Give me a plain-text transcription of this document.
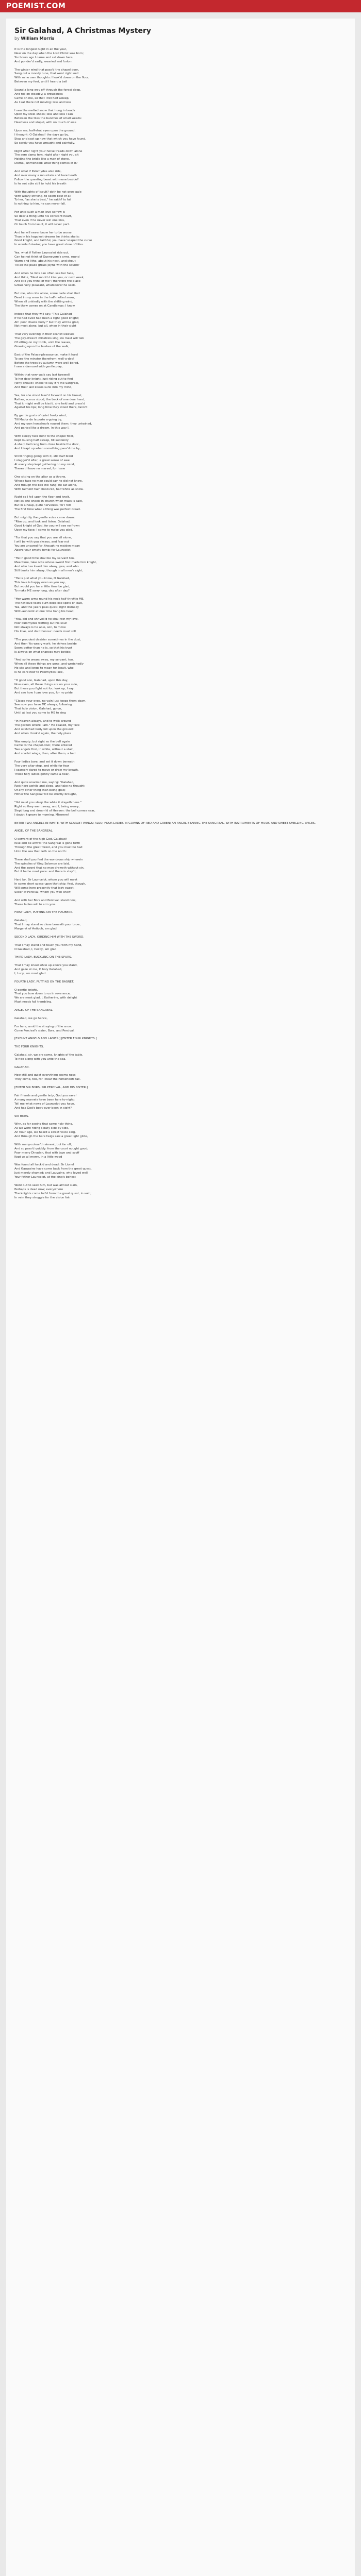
POEMIST.COM
Sir Galahad, A Christmas Mystery
by William Morris
It is the longest night in all the year,
Near on the day when the Lord Christ was born;
Six hours ago I came and sat down here,
And ponder'd sadly, wearied and forlorn.
The winter wind that pass'd the chapel door,
Sang out a moody tune, that went right well
With mine own thoughts: I look'd down on the floor,
Between my feet, until I heard a bell
Sound a long way off through the forest deep,
And toll on steadily; a drowsiness
Came on me, so that I fell half asleep,
As I sat there not moving: less and less
I saw the melted snow that hung in beads
Upon my steel-shoes; less and less I saw
Between the tiles the bunches of small weeds:
Heartless and stupid, with no touch of awe
Upon me, half-shut eyes upon the ground,
I thought: O Galahad! the days go by,
Stop and cast up now that which you have found,
So sorely you have wrought and painfully.
Night after night your horse treads down alone
The sere damp fern, night after night you sit
Holding the bridle like a man of stone,
Dismal, unfriended: what thing comes of it?
And what if Palomydes also ride,
And over many a mountain and bare heath
Follow the questing beast with none beside?
Is he not able still to hold his breath
With thoughts of Iseult? doth he not grow pale
With weary striving, to seem best of all
To her, "as she is best," he saith? to fail
Is nothing to him, he can never fall.
For unto such a man love-sorrow is
So dear a thing unto his constant heart,
That even if he never win one kiss,
Or touch from Iseult, it will never part.
And he will never know her to be worse
Than in his happiest dreams he thinks she is:
Good knight, and faithful, you have 'scaped the curse
In wonderful-wise; you have great store of bliss.
Yea, what if Father Launcelot ride out,
Can he not think of Guenevere's arms, round
Warm and lithe, about his neck, and shout
Till all the place grows joyful with the sound?
And when he lists can often see her face,
And think, "Next month I kiss you, or next week,
And still you think of me": therefore the place
Grows very pleasant, whatsoever he seek.
But me, who ride alone, some carle shall find
Dead in my arms in the half-melted snow,
When all unkindly with the shifting wind,
The thaw comes on at Candlemas: I know
Indeed that they will say: "This Galahad
If he had lived had been a right good knight;
Ah! poor chaste body!" but they will be glad,
Not most alone, but all, when in their sight
That very evening in their scarlet sleeves
The gay-dress'd minstrels sing; no maid will talk
Of sitting on my tomb, until the leaves,
Growing upon the bushes of the walk,
East of the Palace-pleasaunce, make it hard
To see the minster therefrom: well-a-day!
Before the trees by autumn were well bared,
I saw a damozel with gentle play,
Within that very walk say last farewell
To her dear knight, just riding out to find
(Why should I choke to say it?) the Sangreal,
And their last kisses sunk into my mind,
Yea, for she stood lean'd forward on his breast,
Rather, scarce stood; the back of one dear hand,
That it might well be kiss'd, she held and press'd
Against his lips; long time they stood there, fann'd
By gentle gusts of quiet frosty wind,
Till Mador de la porte a-going by,
And my own horsehoofs roused them; they untwined,
And parted like a dream. In this way I,
With sleepy face bent to the chapel floor,
Kept musing half asleep, till suddenly
A sharp bell rang from close beside the door,
And I leapt up when something pass'd me by,
Shrill ringing going with it, still half blind
I stagger'd after, a great sense of awe
At every step kept gathering on my mind,
Thereat I have no marvel, for I saw
One sitting on the altar as a throne,
Whose face no man could say he did not know,
And though the bell still rang, he sat alone,
With raiment half blood-red, half white as snow.
Right so I fell upon the floor and knelt,
Not as one kneels in church when mass is said,
But in a heap, quite nerveless, for I felt
The first time what a thing was perfect dread.
But mightily the gentle voice came down:
"Rise up, and look and listen, Galahad,
Good knight of God, for you will see no frown
Upon my face; I come to make you glad.
"For that you say that you are all alone,
I will be with you always, and fear not
You are uncared for, though no maiden moan
Above your empty tomb; for Launcelot,
"He in good time shall be my servant too,
Meantime, take note whose sword first made him knight,
And who has loved him alway, yea, and who
Still trusts him alway, though in all men's sight,
"He is just what you know, O Galahad,
This love is happy even as you say,
But would you for a little time be glad,
To make ME sorry long, day after day?
"Her warm arms round his neck half throttle ME,
The hot love-tears burn deep like spots of lead,
Yea, and the years pass quick: right dismally
Will Launcelot at one time hang his head;
"Yea, old and shrivell'd he shall win my love.
Poor Palomydes fretting out his soul!
Not always is he able, son, to move
His love, and do it honour: needs must roll
"The proudest destrier sometimes in the dust,
And then 'tis weary work; he strives beside
Seem better than he is, so that his trust
Is always on what chances may betide;
"And so he wears away, my servant, too,
When all these things are gone, and wretchedly
He sits and longs to moan for Iseult, who
Is no care now to Palomydes: see,
"O good son, Galahad, upon this day,
Now even, all these things are on your side,
But these you fight not for; look up, I say,
And see how I can love you, for no pride
"Closes your eyes, no vain lust keeps them down.
See now you have ME always; following
That holy vision, Galahad, go on,
Until at last you come to ME to sing
"In Heaven always, and to walk around
The garden where I am." He ceased, my face
And wretched body fell upon the ground;
And when I look'd again, the holy place
Was empty; but right so the bell again
Came to the chapel-door, there entered
Two angels first, in white, without a stain,
And scarlet wings, then, after them, a bed
Four ladies bore, and set it down beneath
The very altar-step, and while for fear
I scarcely dared to move or draw my breath,
Those holy ladies gently came a-near,
And quite unarm'd me, saying: "Galahad,
Rest here awhile and sleep, and take no thought
Of any other thing than being glad;
Hither the Sangreal will be shortly brought,
"Yet must you sleep the while it stayeth here."
Right so they went away, and I, being weary,
Slept long and dream'd of Heaven: the bell comes near,
I doubt it grows to morning. Miserere!
ENTER TWO ANGELS IN WHITE, WITH SCARLET WINGS; ALSO, FOUR LADIES IN GOWNS OF RED AND GREEN; AN ANGEL BEARING THE SANGREAL, WITH INSTRUMENTS OF MUSIC AND SWEET-SMELLING SPICES.

ANGEL OF THE SANGREAL.
O servant of the high God, Galahad!
Rise and be arm'd: the Sangreal is gone forth
Through the great forest, and you must be had
Unto the sea that lieth on the north:
There shall you find the wondrous ship wherein
The spindles of King Solomon are laid,
And the sword that no man draweth without sin,
But if he be most pure: and there is stay'd,
Hard by, Sir Launcelot, whom you will meet
In some short space upon that ship: first, though,
Will come here presently that lady sweet,
Sister of Percival, whom you well know,
And with her Bors and Percival: stand now,
These ladies will to arm you.
FIRST LADY, PUTTING ON THE HAUBERK.
Galahad,
That I may stand so close beneath your brow,
Margaret of Antioch, am glad.
SECOND LADY, GIRDING HIM WITH THE SWORD.
That I may stand and touch you with my hand,
O Galahad, I, Cecily, am glad.
THIRD LADY, BUCKLING ON THE SPURS.
That I may kneel while up above you stand,
And gaze at me, O holy Galahad,
I, Lucy, am most glad.
FOURTH LADY, PUTTING ON THE BASNET.
O gentle knight,
That you bow down to us in reverence,
We are most glad, I, Katherine, with delight
Must needs fall trembling.
ANGEL OF THE SANGREAL.
Galahad, we go hence,
For here, amid the straying of the snow,
Come Percival's sister, Bors, and Percival.
[EXEUNT ANGELS AND LADIES.] [ENTER FOUR KNIGHTS.]

THE FOUR KNIGHTS.
Galahad, sir, we are come, knights of the table,
To ride along with you unto the sea.
GALAHAD.
How still and quiet everything seems now:
They come, too, for I hear the horsehoofs fall.
[ENTER SIR BORS, SIR PERCIVAL, AND HIS SISTER.]
Fair friends and gentle lady, God you save!
A many marvels have been here to-night;
Tell me what news of Launcelot you have,
And has God's body ever been in sight?
SIR BORS.
Why, as for seeing that same holy thing,
As we were riding slowly side by side,
An hour ago, we heard a sweet voice sing,
And through the bare twigs saw a great light glide,
With many-colour'd raiment, but far off;
And so pass'd quickly: from the court nought good;
Poor merry Dinadan, that with jape and scoff
Kept us all merry, in a little wood
Was found all hack'd and dead: Sir Lionel
And Gauwaine have come back from the great quest,
Just merely shamed; and Lauvaine, who loved well
Your father Launcelot, at the king's behest
Went out to seek him, but was almost slain,
Perhaps is dead now; everywhere
The knights come foil'd from the great quest, in vain;
In vain they struggle for the vision fair.
